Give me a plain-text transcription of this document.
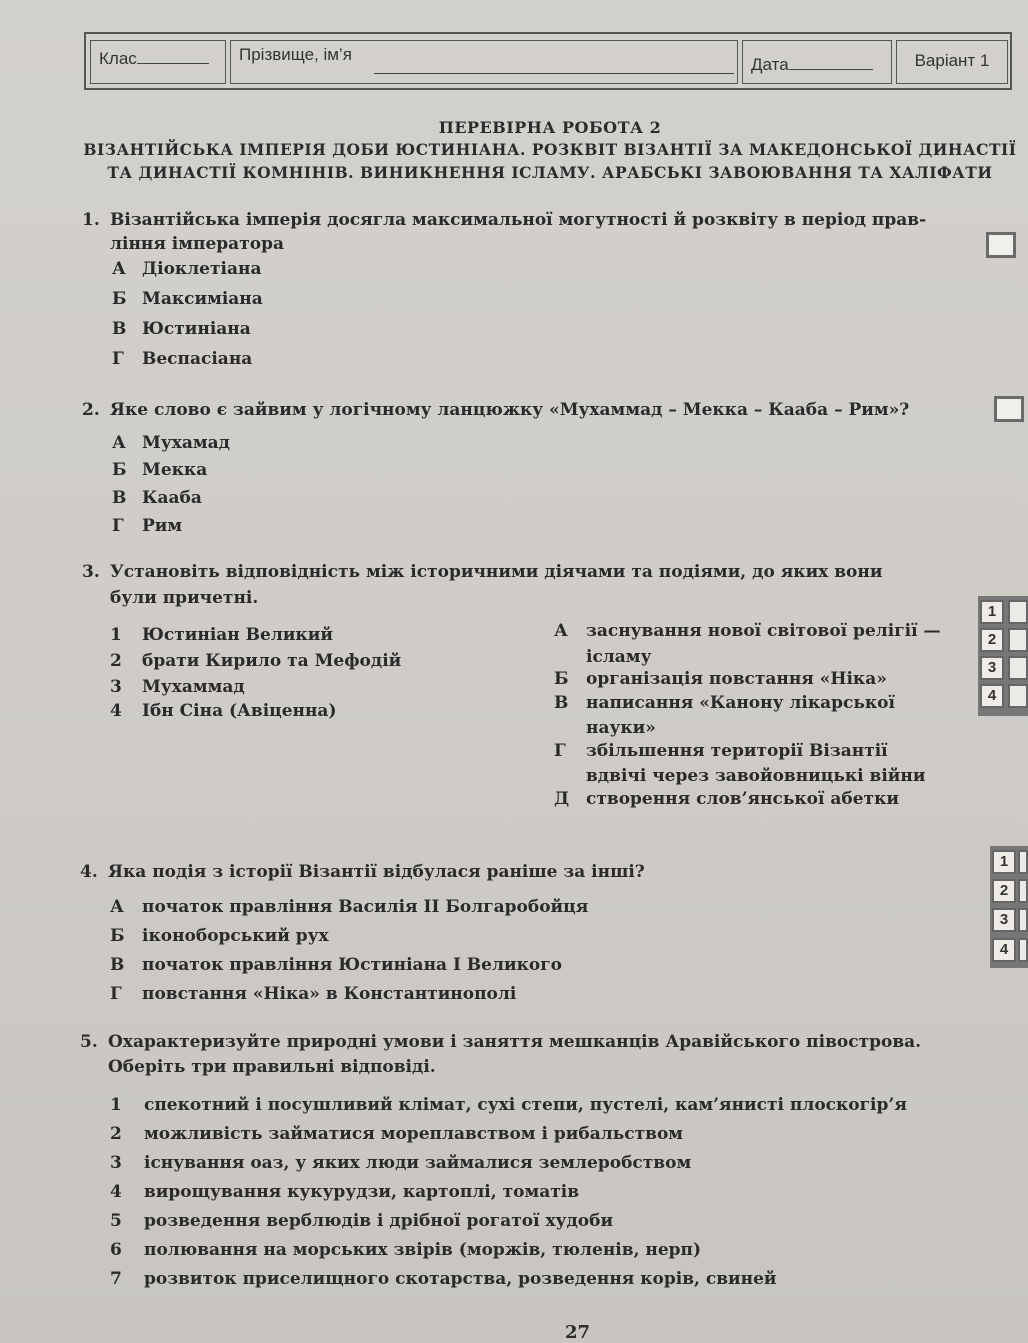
Клас	Прізвище, ім’я

Дата	Варіант 1
ПЕРЕВІРНА РОБОТА 2
ВІЗАНТІЙСЬКА ІМПЕРІЯ ДОБИ ЮСТИНІАНА. РОЗКВІТ ВІЗАНТІЇ ЗА МАКЕДОНСЬКОЇ ДИНАСТІЇ
ТА ДИНАСТІЇ КОМНІНІВ. ВИНИКНЕННЯ ІСЛАМУ. АРАБСЬКІ ЗАВОЮВАННЯ ТА ХАЛІФАТИ
1. Візантійська імперія досягла максимальної могутності й розквіту в період прав-
ління імператора
А Діоклетіана
Б Максиміана
В Юстиніана
Г Веспасіана
2. Яке слово є зайвим у логічному ланцюжку «Мухаммад – Мекка – Кааба – Рим»?
А Мухамад
Б Мекка
В Кааба
Г Рим
3. Установіть відповідність між історичними діячами та подіями, до яких вони
були причетні.
1 Юстиніан Великий
2 брати Кирило та Мефодій
3 Мухаммад
4 Ібн Сіна (Авіценна)
А заснування нової світової релігії —
ісламу
Б організація повстання «Ніка»
В написання «Канону лікарської
науки»
Г збільшення території Візантії
вдвічі через завойовницькі війни
Д створення слов’янської абетки
1
2
3
4
4. Яка подія з історії Візантії відбулася раніше за інші?
А початок правління Василія ІІ Болгаробойця
Б іконоборський рух
В початок правління Юстиніана І Великого
Г повстання «Ніка» в Константинополі
1
2
3
4
5. Охарактеризуйте природні умови і заняття мешканців Аравійського півострова.
Оберіть три правильні відповіді.
1 спекотний і посушливий клімат, сухі степи, пустелі, кам’янисті плоскогір’я
2 можливість займатися мореплавством і рибальством
3 існування оаз, у яких люди займалися землеробством
4 вирощування кукурудзи, картоплі, томатів
5 розведення верблюдів і дрібної рогатої худоби
6 полювання на морських звірів (моржів, тюленів, нерп)
7 розвиток приселищного скотарства, розведення корів, свиней
27
